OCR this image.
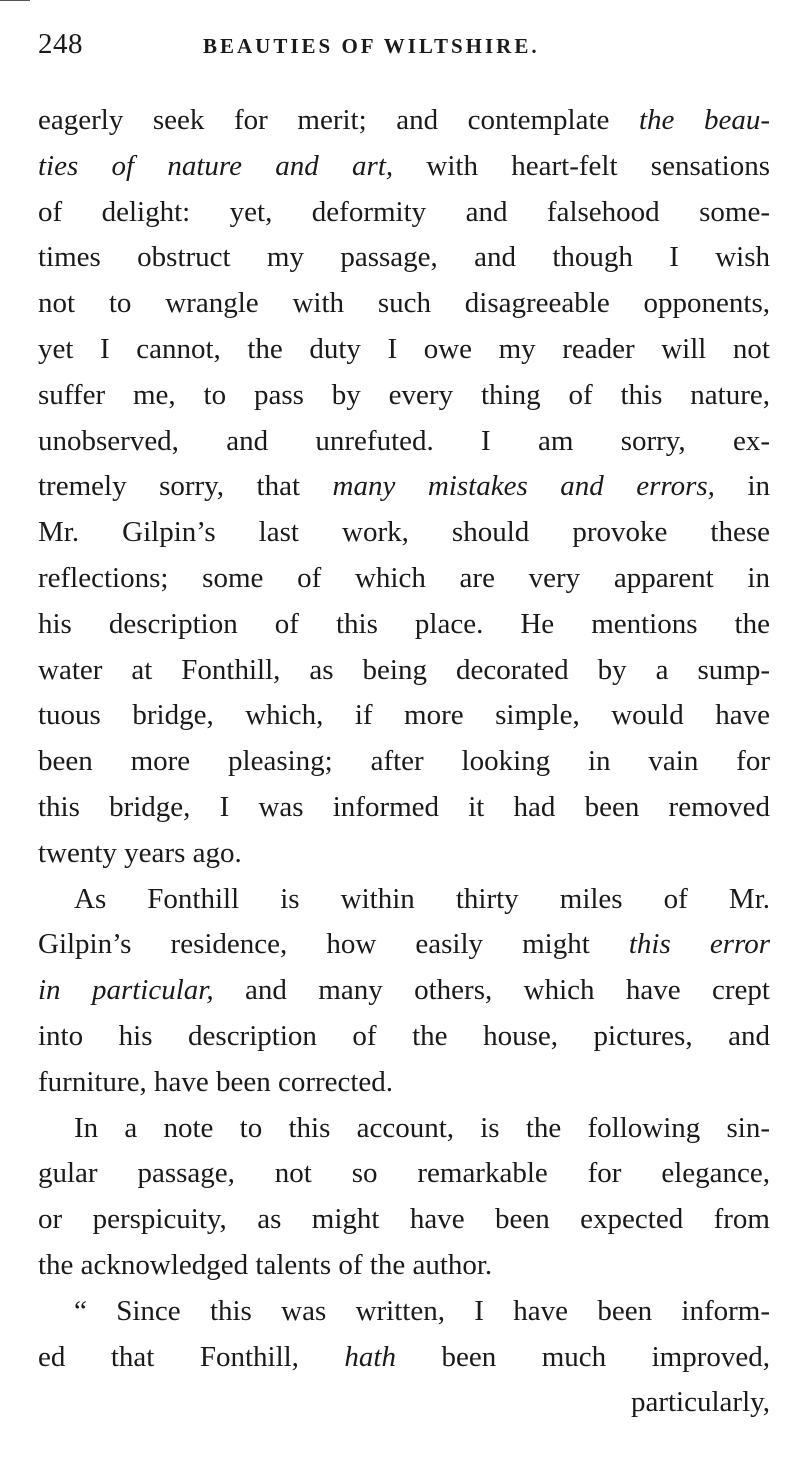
248	BEAUTIES OF WILTSHIRE.
eagerly seek for merit; and contemplate the beau-
ties of nature and art, with heart-felt sensations
of delight: yet, deformity and falsehood some-
times obstruct my passage, and though I wish
not to wrangle with such disagreeable opponents,
yet I cannot, the duty I owe my reader will not
suffer me, to pass by every thing of this nature,
unobserved, and unrefuted. I am sorry, ex-
tremely sorry, that many mistakes and errors, in
Mr. Gilpin’s last work, should provoke these
reflections; some of which are very apparent in
his description of this place. He mentions the
water at Fonthill, as being decorated by a sump-
tuous bridge, which, if more simple, would have
been more pleasing; after looking in vain for
this bridge, I was informed it had been removed
twenty years ago.
As Fonthill is within thirty miles of Mr.
Gilpin’s residence, how easily might this error
in particular, and many others, which have crept
into his description of the house, pictures, and
furniture, have been corrected.
In a note to this account, is the following sin-
gular passage, not so remarkable for elegance,
or perspicuity, as might have been expected from
the acknowledged talents of the author.
“ Since this was written, I have been inform-
ed that Fonthill, hath been much improved,
particularly,
